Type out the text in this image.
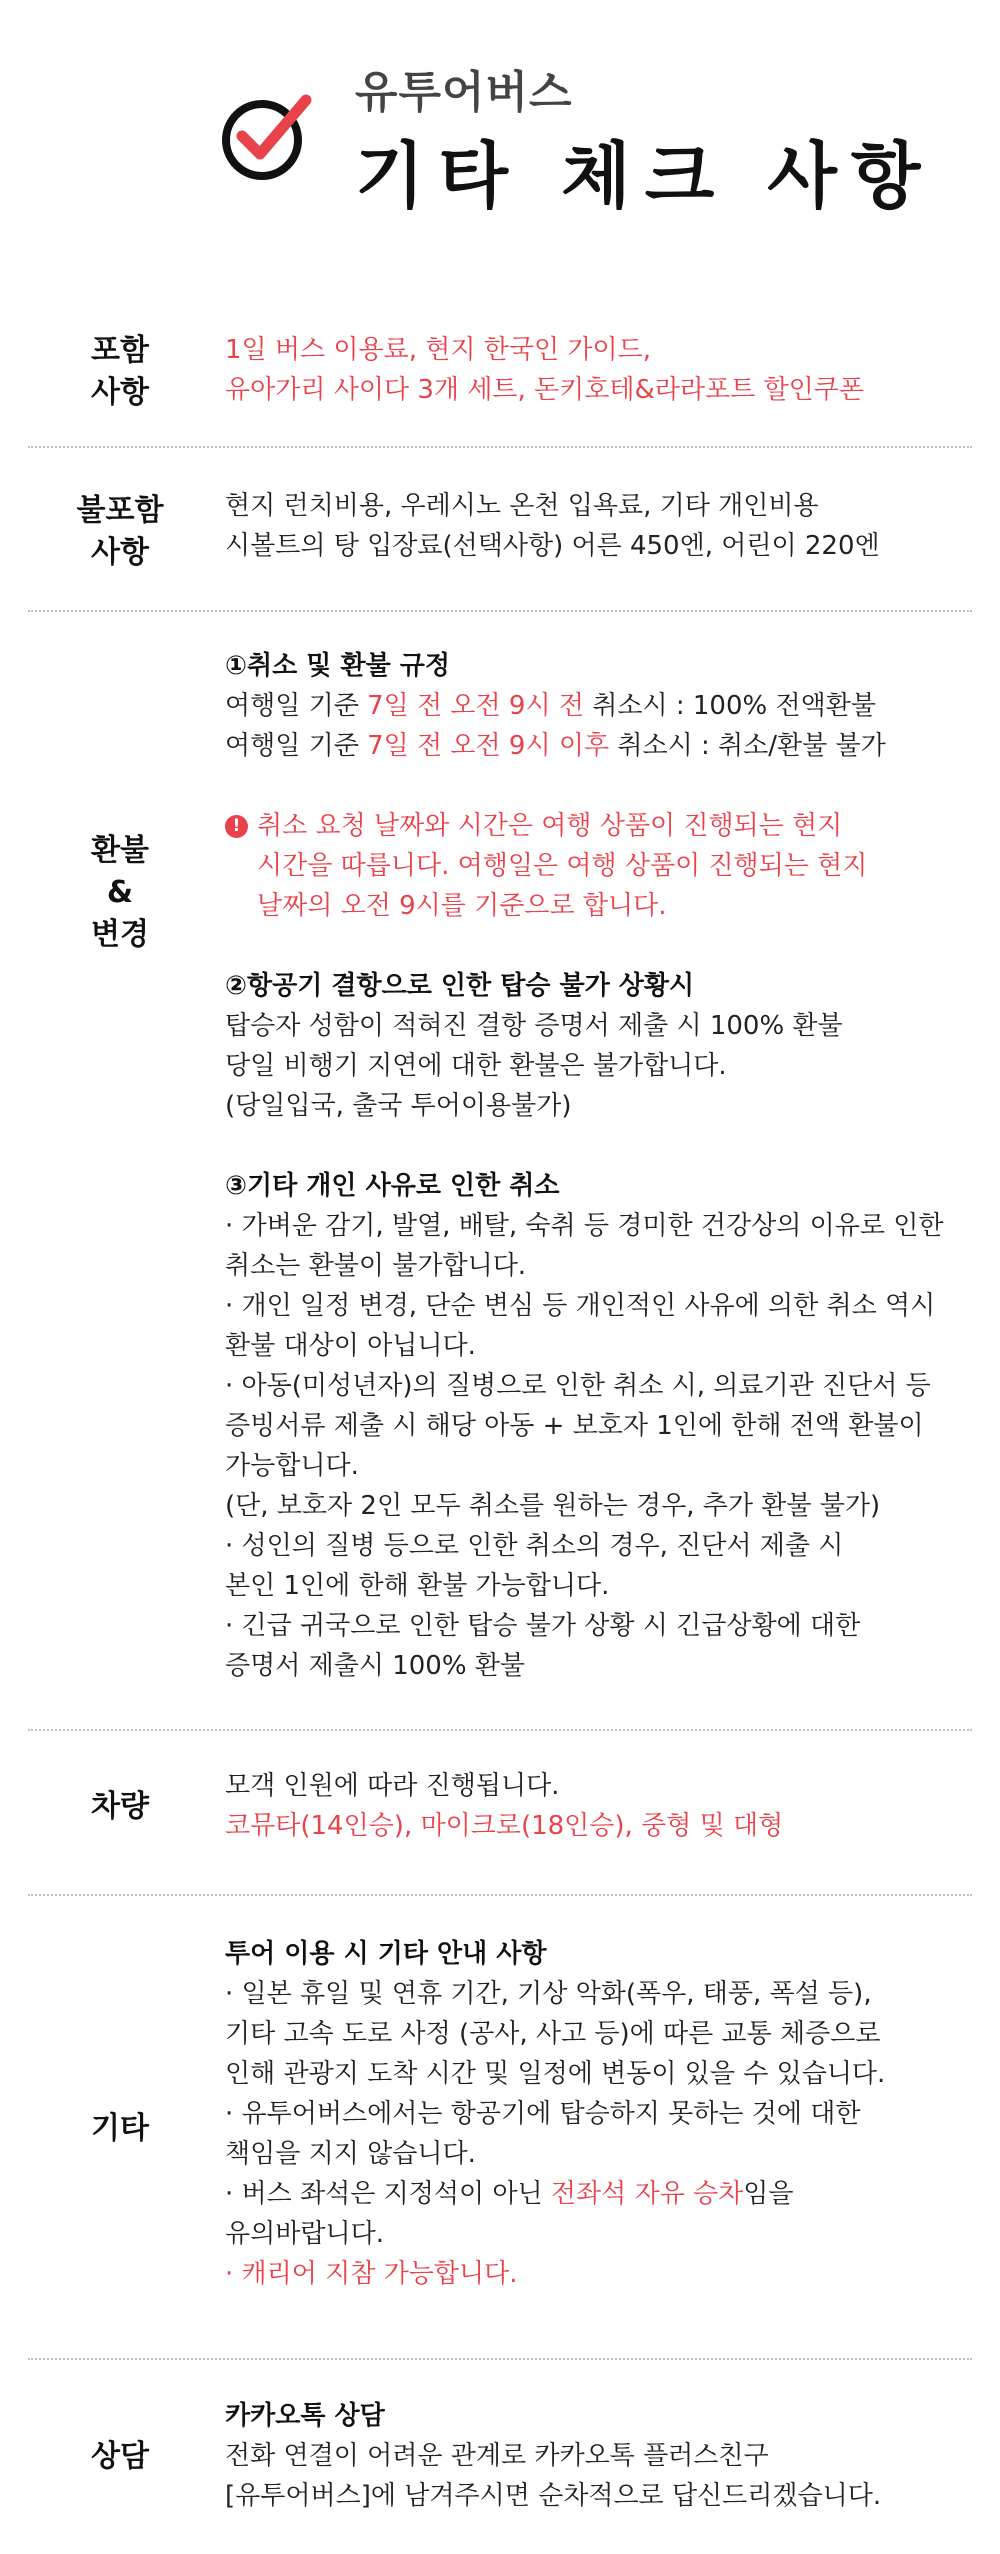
유투어버스
기타 체크 사항
포함
사항
1일 버스 이용료, 현지 한국인 가이드,
유아가리 사이다 3개 세트, 돈키호테&라라포트 할인쿠폰
불포함
사항
현지 런치비용, 우레시노 온천 입욕료, 기타 개인비용
시볼트의 탕 입장료(선택사항) 어른 450엔, 어린이 220엔
환불
&
변경
①취소 및 환불 규정
여행일 기준 7일 전 오전 9시 전 취소시 : 100% 전액환불
여행일 기준 7일 전 오전 9시 이후 취소시 : 취소/환불 불가
! 취소 요청 날짜와 시간은 여행 상품이 진행되는 현지
시간을 따릅니다. 여행일은 여행 상품이 진행되는 현지
날짜의 오전 9시를 기준으로 합니다.
②항공기 결항으로 인한 탑승 불가 상황시
탑승자 성함이 적혀진 결항 증명서 제출 시 100% 환불
당일 비행기 지연에 대한 환불은 불가합니다.
(당일입국, 출국 투어이용불가)
③기타 개인 사유로 인한 취소
· 가벼운 감기, 발열, 배탈, 숙취 등 경미한 건강상의 이유로 인한
취소는 환불이 불가합니다.
· 개인 일정 변경, 단순 변심 등 개인적인 사유에 의한 취소 역시
환불 대상이 아닙니다.
· 아동(미성년자)의 질병으로 인한 취소 시, 의료기관 진단서 등
증빙서류 제출 시 해당 아동 + 보호자 1인에 한해 전액 환불이
가능합니다.
(단, 보호자 2인 모두 취소를 원하는 경우, 추가 환불 불가)
· 성인의 질병 등으로 인한 취소의 경우, 진단서 제출 시
본인 1인에 한해 환불 가능합니다.
· 긴급 귀국으로 인한 탑승 불가 상황 시 긴급상황에 대한
증명서 제출시 100% 환불
차량
모객 인원에 따라 진행됩니다.
코뮤타(14인승), 마이크로(18인승), 중형 및 대형
기타
투어 이용 시 기타 안내 사항
· 일본 휴일 및 연휴 기간, 기상 악화(폭우, 태풍, 폭설 등),
기타 고속 도로 사정 (공사, 사고 등)에 따른 교통 체증으로
인해 관광지 도착 시간 및 일정에 변동이 있을 수 있습니다.
· 유투어버스에서는 항공기에 탑승하지 못하는 것에 대한
책임을 지지 않습니다.
· 버스 좌석은 지정석이 아닌 전좌석 자유 승차임을
유의바랍니다.
· 캐리어 지참 가능합니다.
상담
카카오톡 상담
전화 연결이 어려운 관계로 카카오톡 플러스친구
[유투어버스]에 남겨주시면 순차적으로 답신드리겠습니다.
